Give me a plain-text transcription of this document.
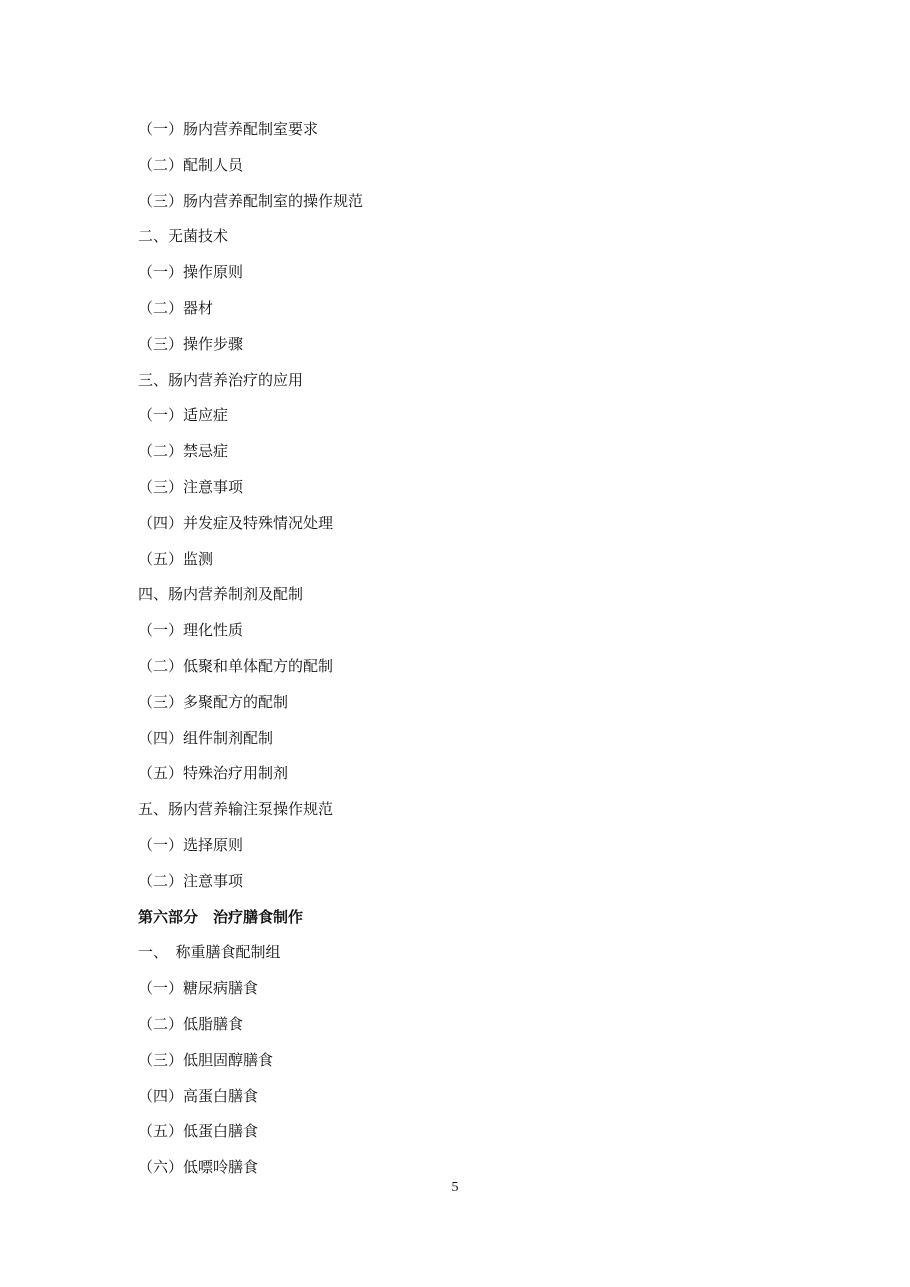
（一）肠内营养配制室要求
（二）配制人员
（三）肠内营养配制室的操作规范
二、无菌技术
（一）操作原则
（二）器材
（三）操作步骤
三、肠内营养治疗的应用
（一）适应症
（二）禁忌症
（三）注意事项
（四）并发症及特殊情况处理
（五）监测
四、肠内营养制剂及配制
（一）理化性质
（二）低聚和单体配方的配制
（三）多聚配方的配制
（四）组件制剂配制
（五）特殊治疗用制剂
五、肠内营养输注泵操作规范
（一）选择原则
（二）注意事项
第六部分　治疗膳食制作
一、　称重膳食配制组
（一）糖尿病膳食
（二）低脂膳食
（三）低胆固醇膳食
（四）高蛋白膳食
（五）低蛋白膳食
（六）低嘌呤膳食
5
